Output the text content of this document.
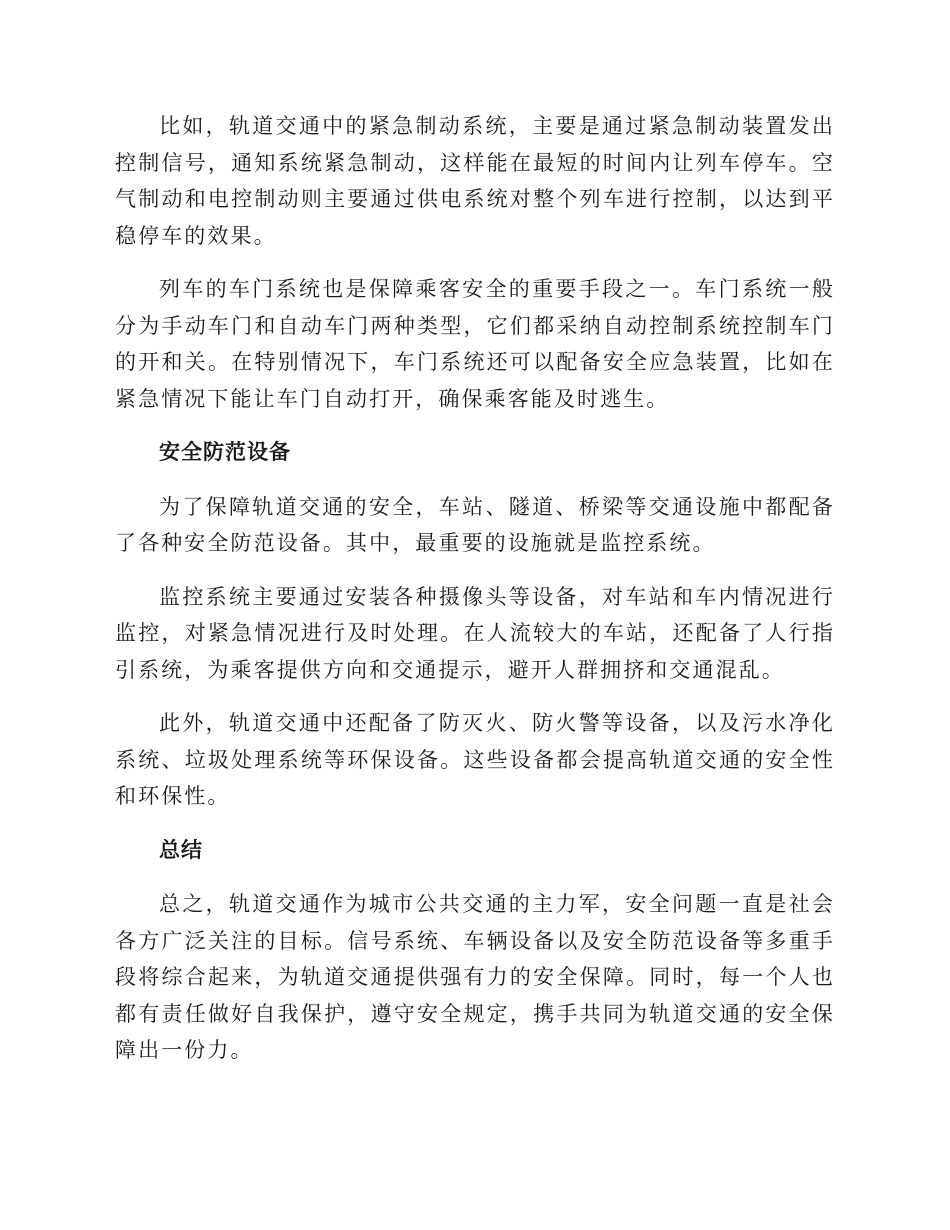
比如，轨道交通中的紧急制动系统，主要是通过紧急制动装置发出控制信号，通知系统紧急制动，这样能在最短的时间内让列车停车。空气制动和电控制动则主要通过供电系统对整个列车进行控制，以达到平稳停车的效果。

列车的车门系统也是保障乘客安全的重要手段之一。车门系统一般分为手动车门和自动车门两种类型，它们都采纳自动控制系统控制车门的开和关。在特别情况下，车门系统还可以配备安全应急装置，比如在紧急情况下能让车门自动打开，确保乘客能及时逃生。

安全防范设备

为了保障轨道交通的安全，车站、隧道、桥梁等交通设施中都配备了各种安全防范设备。其中，最重要的设施就是监控系统。

监控系统主要通过安装各种摄像头等设备，对车站和车内情况进行监控，对紧急情况进行及时处理。在人流较大的车站，还配备了人行指引系统，为乘客提供方向和交通提示，避开人群拥挤和交通混乱。

此外，轨道交通中还配备了防灭火、防火警等设备，以及污水净化系统、垃圾处理系统等环保设备。这些设备都会提高轨道交通的安全性和环保性。

总结

总之，轨道交通作为城市公共交通的主力军，安全问题一直是社会各方广泛关注的目标。信号系统、车辆设备以及安全防范设备等多重手段将综合起来，为轨道交通提供强有力的安全保障。同时，每一个人也都有责任做好自我保护，遵守安全规定，携手共同为轨道交通的安全保障出一份力。
